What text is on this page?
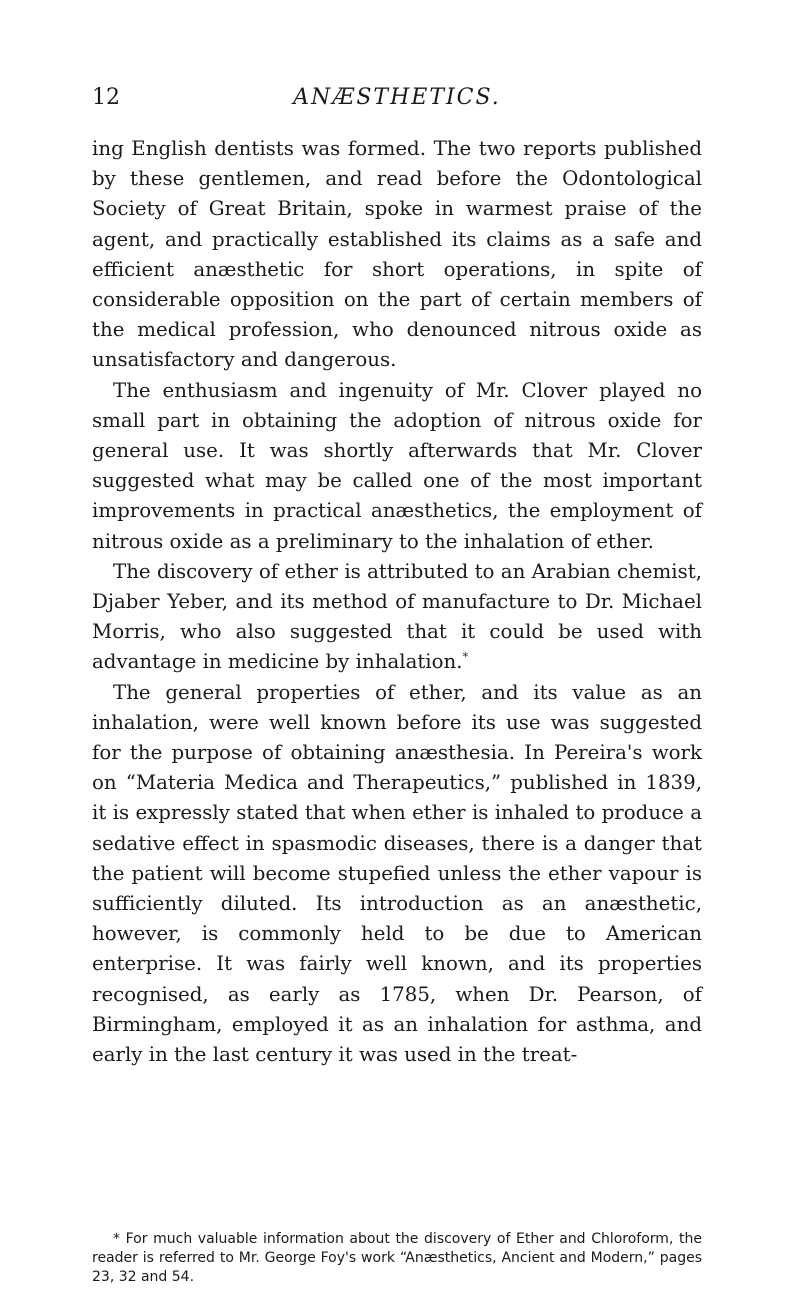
12	ANÆSTHETICS.

ing English dentists was formed. The two reports published by these gentlemen, and read before the Odontological Society of Great Britain, spoke in warmest praise of the agent, and practically established its claims as a safe and efficient anæsthetic for short operations, in spite of considerable opposition on the part of certain members of the medical profession, who denounced nitrous oxide as unsatisfactory and dangerous.

The enthusiasm and ingenuity of Mr. Clover played no small part in obtaining the adoption of nitrous oxide for general use. It was shortly afterwards that Mr. Clover suggested what may be called one of the most important improvements in practical anæsthetics, the employment of nitrous oxide as a preliminary to the inhalation of ether.

The discovery of ether is attributed to an Arabian chemist, Djaber Yeber, and its method of manufacture to Dr. Michael Morris, who also suggested that it could be used with advantage in medicine by inhalation.*

The general properties of ether, and its value as an inhalation, were well known before its use was suggested for the purpose of obtaining anæsthesia. In Pereira's work on “Materia Medica and Therapeutics,” published in 1839, it is expressly stated that when ether is inhaled to produce a sedative effect in spasmodic diseases, there is a danger that the patient will become stupefied unless the ether vapour is sufficiently diluted. Its introduction as an anæsthetic, however, is commonly held to be due to American enterprise. It was fairly well known, and its properties recognised, as early as 1785, when Dr. Pearson, of Birmingham, employed it as an inhalation for asthma, and early in the last century it was used in the treat-

* For much valuable information about the discovery of Ether and Chloroform, the reader is referred to Mr. George Foy's work “Anæsthetics, Ancient and Modern,” pages 23, 32 and 54.
